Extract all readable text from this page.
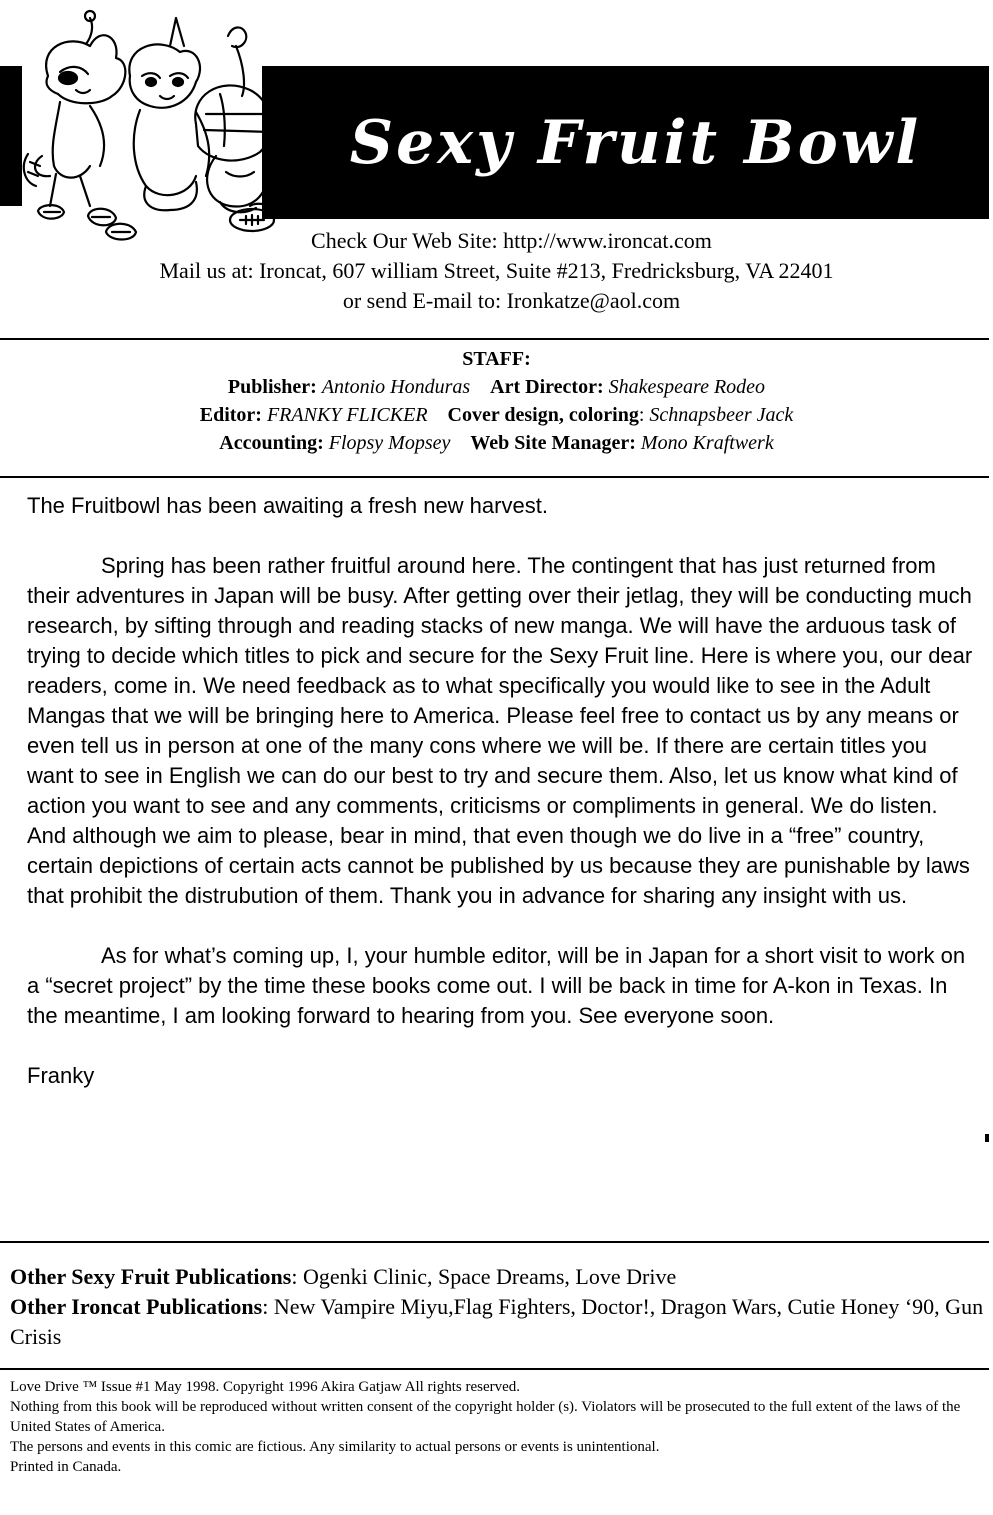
Sexy Fruit Bowl
Check Our Web Site: http://www.ironcat.com
Mail us at: Ironcat, 607 william Street, Suite #213, Fredricksburg, VA 22401
or send E-mail to: Ironkatze@aol.com
STAFF:
Publisher: Antonio Honduras Art Director: Shakespeare Rodeo
Editor: FRANKY FLICKER Cover design, coloring: Schnapsbeer Jack
Accounting: Flopsy Mopsey Web Site Manager: Mono Kraftwerk

The Fruitbowl has been awaiting a fresh new harvest.

Spring has been rather fruitful around here. The contingent that has just returned from their adventures in Japan will be busy. After getting over their jetlag, they will be conducting much research, by sifting through and reading stacks of new manga. We will have the arduous task of trying to decide which titles to pick and secure for the Sexy Fruit line. Here is where you, our dear readers, come in. We need feedback as to what specifically you would like to see in the Adult Mangas that we will be bringing here to America. Please feel free to contact us by any means or even tell us in person at one of the many cons where we will be. If there are certain titles you want to see in English we can do our best to try and secure them. Also, let us know what kind of action you want to see and any comments, criticisms or compliments in general. We do listen. And although we aim to please, bear in mind, that even though we do live in a “free” country, certain depictions of certain acts cannot be published by us because they are punishable by laws that prohibit the distrubution of them. Thank you in advance for sharing any insight with us.

As for what’s coming up, I, your humble editor, will be in Japan for a short visit to work on a “secret project” by the time these books come out. I will be back in time for A-kon in Texas. In the meantime, I am looking forward to hearing from you. See everyone soon.

Franky

Other Sexy Fruit Publications: Ogenki Clinic, Space Dreams, Love Drive

Other Ironcat Publications: New Vampire Miyu,Flag Fighters, Doctor!, Dragon Wars, Cutie Honey ‘90, Gun Crisis

Love Drive ™ Issue #1 May 1998. Copyright 1996 Akira Gatjaw All rights reserved.

Nothing from this book will be reproduced without written consent of the copyright holder (s). Violators will be prosecuted to the full extent of the laws of the United States of America.

The persons and events in this comic are fictious. Any similarity to actual persons or events is unintentional.

Printed in Canada.
